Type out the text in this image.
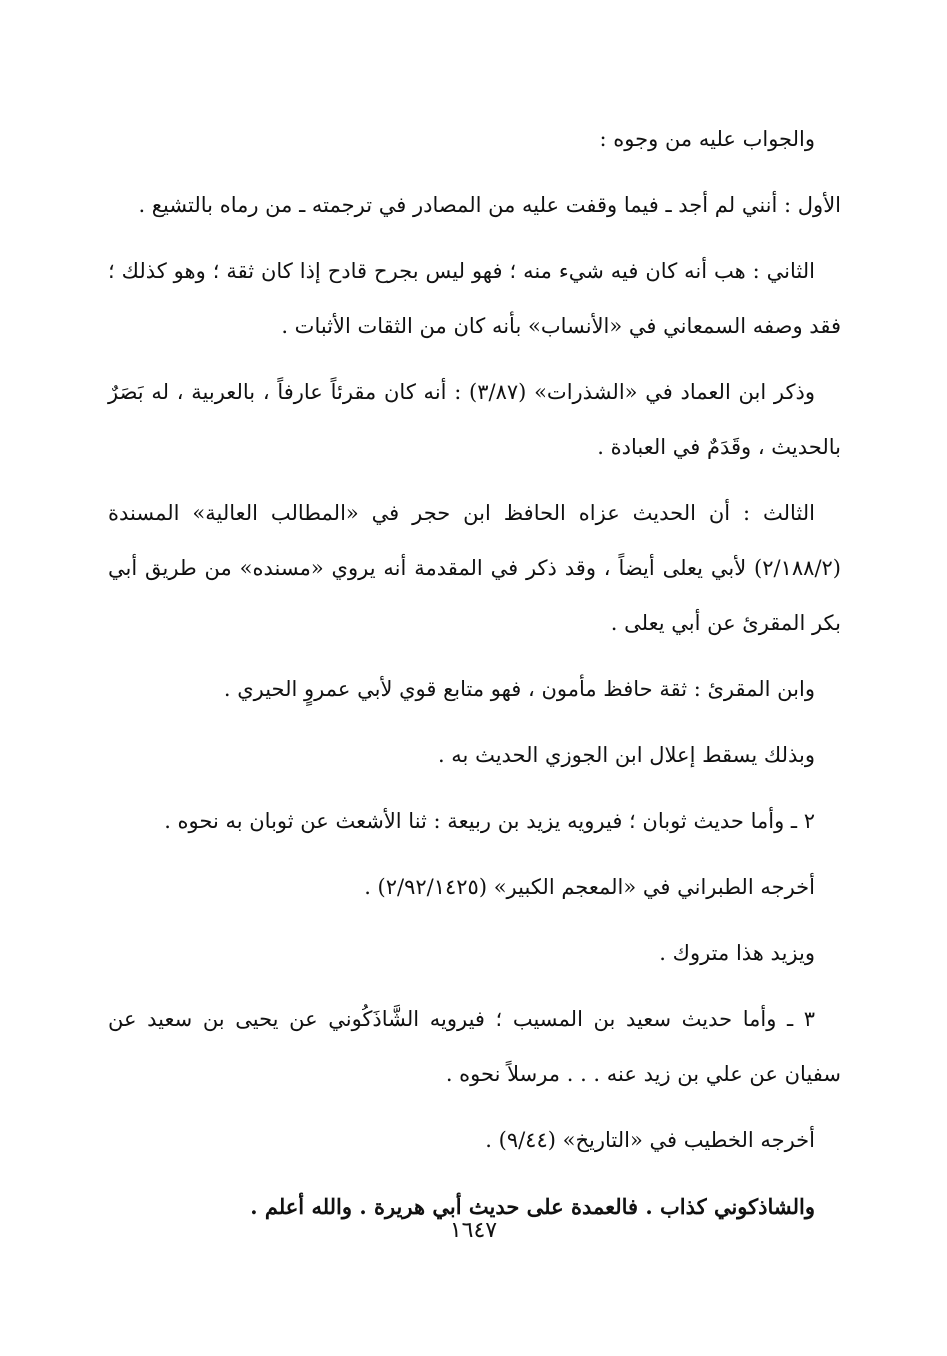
والجواب عليه من وجوه :

الأول : أنني لم أجد ـ فيما وقفت عليه من المصادر في ترجمته ـ من رماه بالتشيع .

الثاني : هب أنه كان فيه شيء منه ؛ فهو ليس بجرح قادح إذا كان ثقة ؛ وهو كذلك ؛ فقد وصفه السمعاني في «الأنساب» بأنه كان من الثقات الأثبات .

وذكر ابن العماد في «الشذرات» (٣/٨٧) : أنه كان مقرئاً عارفاً ، بالعربية ، له بَصَرٌ بالحديث ، وقَدَمٌ في العبادة .

الثالث : أن الحديث عزاه الحافظ ابن حجر في «المطالب العالية» المسندة (٢/١٨٨/٢) لأبي يعلى أيضاً ، وقد ذكر في المقدمة أنه يروي «مسنده» من طريق أبي بكر المقرئ عن أبي يعلى .

وابن المقرئ : ثقة حافظ مأمون ، فهو متابع قوي لأبي عمروٍ الحيري .

وبذلك يسقط إعلال ابن الجوزي الحديث به .

٢ ـ وأما حديث ثوبان ؛ فيرويه يزيد بن ربيعة : ثنا الأشعث عن ثوبان به نحوه .

أخرجه الطبراني في «المعجم الكبير» (٢/٩٢/١٤٢٥) .

ويزيد هذا متروك .

٣ ـ وأما حديث سعيد بن المسيب ؛ فيرويه الشَّاذَكُوني عن يحيى بن سعيد عن سفيان عن علي بن زيد عنه . . . مرسلاً نحوه .

أخرجه الخطيب في «التاريخ» (٩/٤٤) .

والشاذكوني كذاب . فالعمدة على حديث أبي هريرة . والله أعلم .

١٦٤٧
